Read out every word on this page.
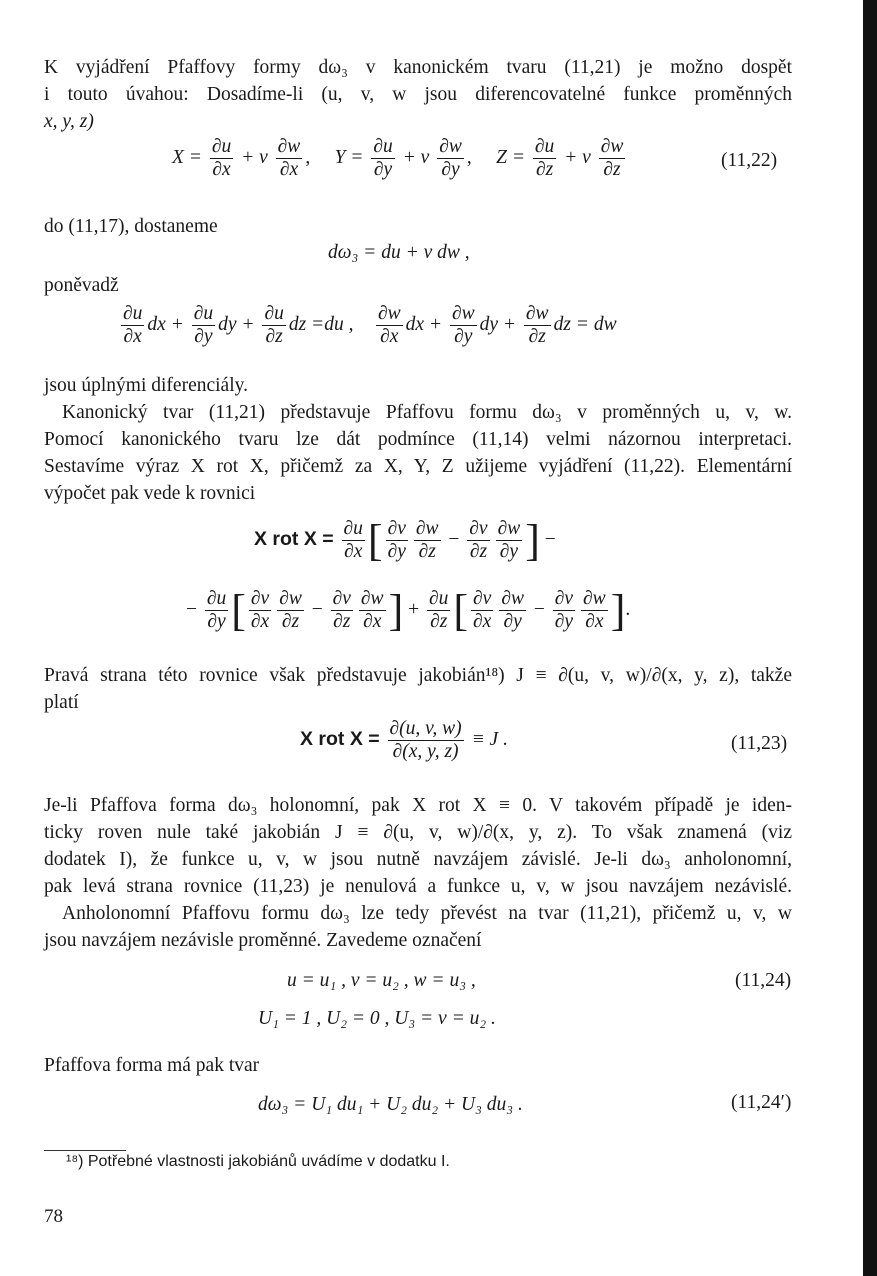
K vyjádření Pfaffovy formy dω₃ v kanonickém tvaru (11,21) je možno dospět
i touto úvahou: Dosadíme-li (u, v, w jsou diferencovatelné funkce proměnných
x, y, z)
$X = \frac{\partial u}{\partial x} + v \frac{\partial w}{\partial x}$ , $Y = \frac{\partial u}{\partial y} + v \frac{\partial w}{\partial y}$ , $Z = \frac{\partial u}{\partial z} + v \frac{\partial w}{\partial z}$	(11,22)
do (11,17), dostaneme
dω₃ = du + v dw ,
poněvadž
$\frac{\partial u}{\partial x}$ dx + $\frac{\partial u}{\partial y}$ dy + $\frac{\partial u}{\partial z}$ dz =du , $\frac{\partial w}{\partial x}$ dx + $\frac{\partial w}{\partial y}$ dy + $\frac{\partial w}{\partial z}$ dz = dw
jsou úplnými diferenciály.
Kanonický tvar (11,21) představuje Pfaffovu formu dω₃ v proměnných u, v, w.
Pomocí kanonického tvaru lze dát podmínce (11,14) velmi názornou interpretaci.
Sestavíme výraz X rot X, přičemž za X, Y, Z užijeme vyjádření (11,22). Elementární
výpočet pak vede k rovnici
X rot $X = \frac{\partial u}{\partial x}$ [ $\frac{\partial v}{\partial y} \frac{\partial w}{\partial z} - \frac{\partial v}{\partial z} \frac{\partial w}{\partial y}$ ] −
− $\frac{\partial u}{\partial y}$ [ $\frac{\partial v}{\partial x} \frac{\partial w}{\partial z} - \frac{\partial v}{\partial z} \frac{\partial w}{\partial x}$ ] + $\frac{\partial u}{\partial z}$ [ $\frac{\partial v}{\partial x} \frac{\partial w}{\partial y} - \frac{\partial v}{\partial y} \frac{\partial w}{\partial x}$ ].
Pravá strana této rovnice však představuje jakobián¹⁸) J ≡ ∂(u, v, w)/∂(x, y, z), takže
platí
X rot $X = \frac{\partial(u, v, w)}{\partial(x, y, z)} \equiv J$ .	(11,23)
Je-li Pfaffova forma dω₃ holonomní, pak X rot X ≡ 0. V takovém případě je iden-
ticky roven nule také jakobián J ≡ ∂(u, v, w)/∂(x, y, z). To však znamená (viz
dodatek I), že funkce u, v, w jsou nutně navzájem závislé. Je-li dω₃ anholonomní,
pak levá strana rovnice (11,23) je nenulová a funkce u, v, w jsou navzájem nezávislé.
Anholonomní Pfaffovu formu dω₃ lze tedy převést na tvar (11,21), přičemž u, v, w
jsou navzájem nezávisle proměnné. Zavedeme označení
u = u₁ , v = u₂ , w = u₃ ,	(11,24)
U₁ = 1 , U₂ = 0 , U₃ = v = u₂ .
Pfaffova forma má pak tvar
dω₃ = U₁ du₁ + U₂ du₂ + U₃ du₃ .	(11,24′)
¹⁸) Potřebné vlastnosti jakobiánů uvádíme v dodatku I.
78
